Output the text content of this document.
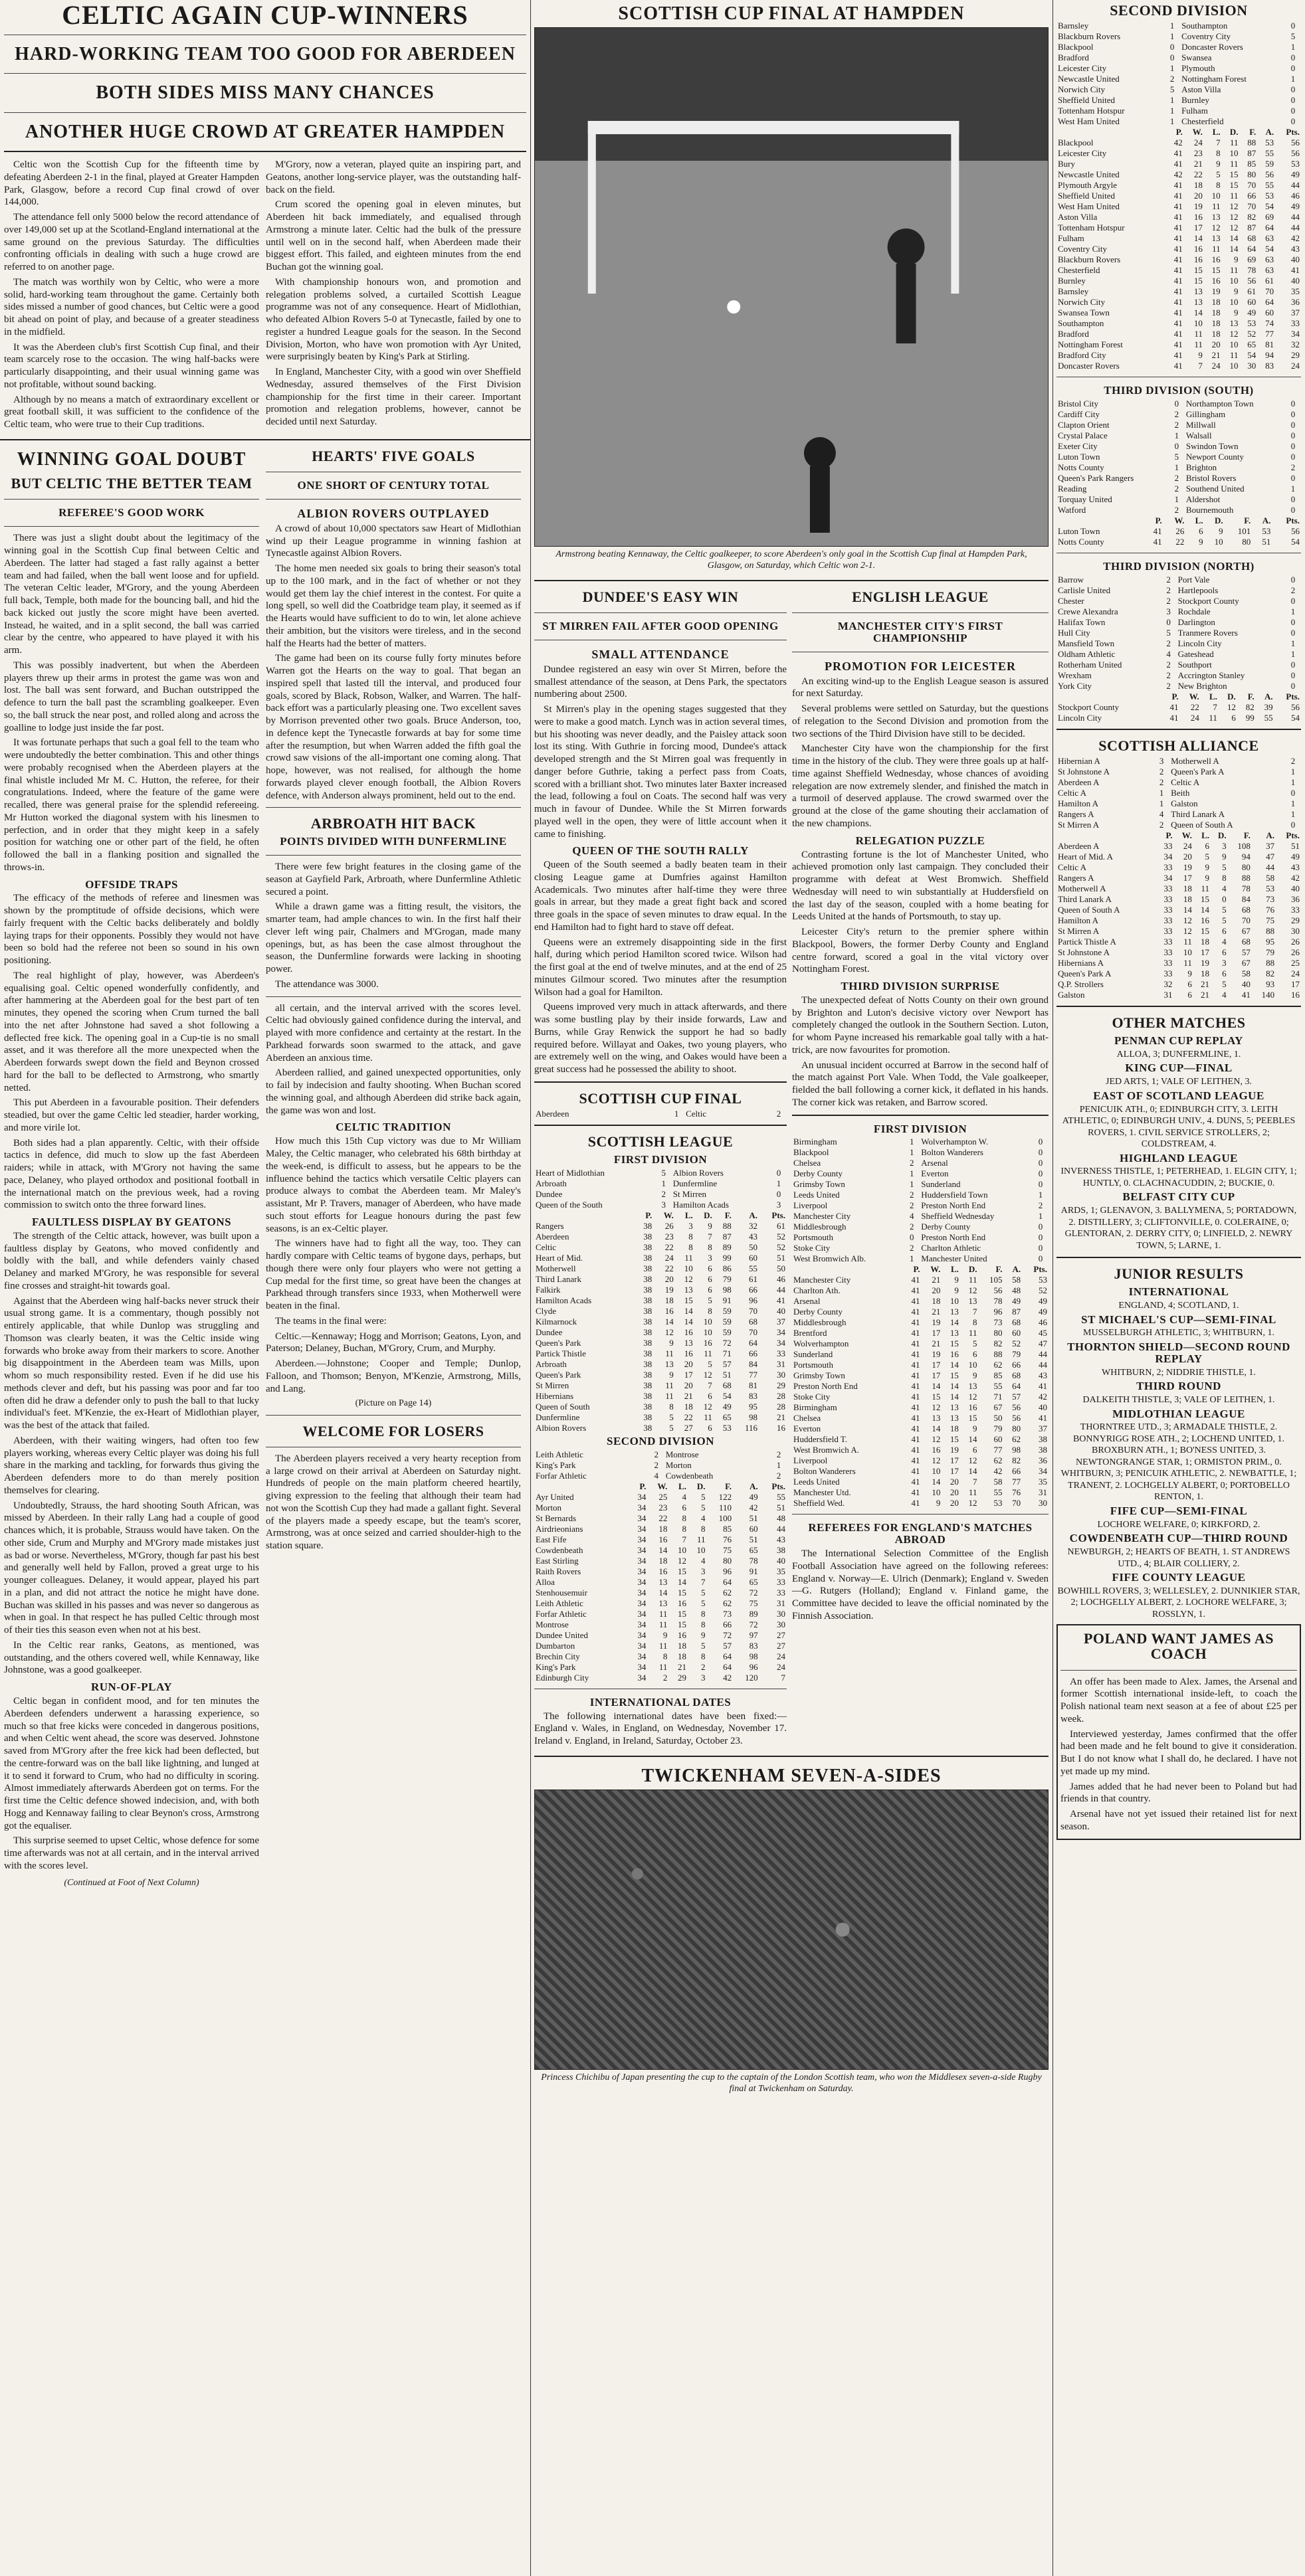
CELTIC AGAIN CUP-WINNERS
HARD-WORKING TEAM TOO GOOD FOR ABERDEEN
BOTH SIDES MISS MANY CHANCES
ANOTHER HUGE CROWD AT GREATER HAMPDEN

Celtic won the Scottish Cup for the fifteenth time by defeating Aberdeen 2-1 in the final, played at Greater Hampden Park, Glasgow, before a record Cup final crowd of over 144,000.

The attendance fell only 5000 below the record attendance of over 149,000 set up at the Scotland-England international at the same ground on the previous Saturday. The difficulties confronting officials in dealing with such a huge crowd are referred to on another page.

The match was worthily won by Celtic, who were a more solid, hard-working team throughout the game. Certainly both sides missed a number of good chances, but Celtic were a good bit ahead on point of play, and because of a greater steadiness in the midfield.

It was the Aberdeen club's first Scottish Cup final, and their team scarcely rose to the occasion. The wing half-backs were particularly disappointing, and their usual winning game was not profitable, without sound backing.

Although by no means a match of extraordinary excellent or great football skill, it was sufficient to the confidence of the Celtic team, who were true to their Cup traditions.

M'Grory, now a veteran, played quite an inspiring part, and Geatons, another long-service player, was the outstanding half-back on the field.

Crum scored the opening goal in eleven minutes, but Aberdeen hit back immediately, and equalised through Armstrong a minute later. Celtic had the bulk of the pressure until well on in the second half, when Aberdeen made their biggest effort. This failed, and eighteen minutes from the end Buchan got the winning goal.

With championship honours won, and promotion and relegation problems solved, a curtailed Scottish League programme was not of any consequence. Heart of Midlothian, who defeated Albion Rovers 5-0 at Tynecastle, failed by one to register a hundred League goals for the season. In the Second Division, Morton, who have won promotion with Ayr United, were surprisingly beaten by King's Park at Stirling.

In England, Manchester City, with a good win over Sheffield Wednesday, assured themselves of the First Division championship for the first time in their career. Important promotion and relegation problems, however, cannot be decided until next Saturday.

WINNING GOAL DOUBT
BUT CELTIC THE BETTER TEAM
REFEREE'S GOOD WORK

There was just a slight doubt about the legitimacy of the winning goal in the Scottish Cup final between Celtic and Aberdeen. The latter had staged a fast rally against a better team and had failed, when the ball went loose and for upfield. The veteran Celtic leader, M'Grory, and the young Aberdeen full back, Temple, both made for the bouncing ball, and hid the back kicked out justly the score might have been averted. Instead, he waited, and in a split second, the ball was carried clear by the centre, who appeared to have played it with his arm.

This was possibly inadvertent, but when the Aberdeen players threw up their arms in protest the game was won and lost. The ball was sent forward, and Buchan outstripped the defence to turn the ball past the scrambling goalkeeper. Even so, the ball struck the near post, and rolled along and across the goalline to lodge just inside the far post.

It was fortunate perhaps that such a goal fell to the team who were undoubtedly the better combination. This and other things were probably recognised when the Aberdeen players at the final whistle included Mr M. C. Hutton, the referee, for their congratulations. Indeed, where the feature of the game were recalled, there was general praise for the splendid refereeing. Mr Hutton worked the diagonal system with his linesmen to perfection, and in order that they might keep in a safely position for watching one or other part of the field, he often followed the ball in a flanking position and signalled the throws-in.

OFFSIDE TRAPS

The efficacy of the methods of referee and linesmen was shown by the promptitude of offside decisions, which were fairly frequent with the Celtic backs deliberately and boldly laying traps for their opponents. Possibly they would not have been so bold had the referee not been so sound in his own positioning.

The real highlight of play, however, was Aberdeen's equalising goal. Celtic opened wonderfully confidently, and after hammering at the Aberdeen goal for the best part of ten minutes, they opened the scoring when Crum turned the ball into the net after Johnstone had saved a shot following a deflected free kick. The opening goal in a Cup-tie is no small asset, and it was therefore all the more unexpected when the Aberdeen forwards swept down the field and Beynon crossed hard for the ball to be deflected to Armstrong, who smartly netted.

This put Aberdeen in a favourable position. Their defenders steadied, but over the game Celtic led steadier, harder working, and more virile lot.

Both sides had a plan apparently. Celtic, with their offside tactics in defence, did much to slow up the fast Aberdeen raiders; while in attack, with M'Grory not having the same pace, Delaney, who played orthodox and positional football in the international match on the previous week, had a roving commission to switch onto the three forward lines.

FAULTLESS DISPLAY BY GEATONS

The strength of the Celtic attack, however, was built upon a faultless display by Geatons, who moved confidently and boldly with the ball, and while defenders vainly chased Delaney and marked M'Grory, he was responsible for several fine crosses and straight-hit towards goal.

Against that the Aberdeen wing half-backs never struck their usual strong game. It is a commentary, though possibly not entirely applicable, that while Dunlop was struggling and Thomson was clearly beaten, it was the Celtic inside wing forwards who broke away from their markers to score. Another big disappointment in the Aberdeen team was Mills, upon whom so much responsibility rested. Even if he did use his methods clever and deft, but his passing was poor and far too often did he draw a defender only to push the ball to that lucky individual's feet. M'Kenzie, the ex-Heart of Midlothian player, was the best of the attack that failed.

Aberdeen, with their waiting wingers, had often too few players working, whereas every Celtic player was doing his full share in the marking and tackling, for forwards thus giving the Aberdeen defenders more to do than merely position themselves for clearing.

Undoubtedly, Strauss, the hard shooting South African, was missed by Aberdeen. In their rally Lang had a couple of good chances which, it is probable, Strauss would have taken. On the other side, Crum and Murphy and M'Grory made mistakes just as bad or worse. Nevertheless, M'Grory, though far past his best and generally well held by Fallon, proved a great urge to his younger colleagues. Delaney, it would appear, played his part in a plan, and did not attract the notice he might have done. Buchan was skilled in his passes and was never so dangerous as when in goal. In that respect he has pulled Celtic through most of their ties this season even when not at his best.

In the Celtic rear ranks, Geatons, as mentioned, was outstanding, and the others covered well, while Kennaway, like Johnstone, was a good goalkeeper.

RUN-OF-PLAY

Celtic began in confident mood, and for ten minutes the Aberdeen defenders underwent a harassing experience, so much so that free kicks were conceded in dangerous positions, and when Celtic went ahead, the score was deserved. Johnstone saved from M'Grory after the free kick had been deflected, but the centre-forward was on the ball like lightning, and lunged at it to send it forward to Crum, who had no difficulty in scoring. Almost immediately afterwards Aberdeen got on terms. For the first time the Celtic defence showed indecision, and, with both Hogg and Kennaway failing to clear Beynon's cross, Armstrong got the equaliser.

This surprise seemed to upset Celtic, whose defence for some time afterwards was not at all certain, and in the interval arrived with the scores level.

(Continued at Foot of Next Column)
HEARTS' FIVE GOALS
ONE SHORT OF CENTURY TOTAL
ALBION ROVERS OUTPLAYED

A crowd of about 10,000 spectators saw Heart of Midlothian wind up their League programme in winning fashion at Tynecastle against Albion Rovers.

The home men needed six goals to bring their season's total up to the 100 mark, and in the fact of whether or not they would get them lay the chief interest in the contest. For quite a long spell, so well did the Coatbridge team play, it seemed as if the Hearts would have sufficient to do to win, let alone achieve their ambition, but the visitors were tireless, and in the second half the Hearts had the better of matters.

The game had been on its course fully forty minutes before Warren got the Hearts on the way to goal. That began an inspired spell that lasted till the interval, and produced four goals, scored by Black, Robson, Walker, and Warren. The half-back effort was a particularly pleasing one. Two excellent saves by Morrison prevented other two goals. Bruce Anderson, too, in defence kept the Tynecastle forwards at bay for some time after the resumption, but when Warren added the fifth goal the crowd saw visions of the all-important one coming along. That hope, however, was not realised, for although the home forwards played clever enough football, the Albion Rovers defence, with Anderson always prominent, held out to the end.

ARBROATH HIT BACK
POINTS DIVIDED WITH DUNFERMLINE

There were few bright features in the closing game of the season at Gayfield Park, Arbroath, where Dunfermline Athletic secured a point.

While a drawn game was a fitting result, the visitors, the smarter team, had ample chances to win. In the first half their clever left wing pair, Chalmers and M'Grogan, made many openings, but, as has been the case almost throughout the season, the Dunfermline forwards were lacking in shooting power.

The attendance was 3000.

all certain, and the interval arrived with the scores level. Celtic had obviously gained confidence during the interval, and played with more confidence and certainty at the restart. In the Parkhead forwards soon swarmed to the attack, and gave Aberdeen an anxious time.

Aberdeen rallied, and gained unexpected opportunities, only to fail by indecision and faulty shooting. When Buchan scored the winning goal, and although Aberdeen did strike back again, the game was won and lost.

CELTIC TRADITION

How much this 15th Cup victory was due to Mr William Maley, the Celtic manager, who celebrated his 68th birthday at the week-end, is difficult to assess, but he appears to be the influence behind the tactics which versatile Celtic players can produce always to combat the Aberdeen team. Mr Maley's assistant, Mr P. Travers, manager of Aberdeen, who have made such stout efforts for League honours during the past few seasons, is an ex-Celtic player.

The winners have had to fight all the way, too. They can hardly compare with Celtic teams of bygone days, perhaps, but though there were only four players who were not getting a Cup medal for the first time, so great have been the changes at Parkhead through transfers since 1933, when Motherwell were beaten in the final.

The teams in the final were:

Celtic.—Kennaway; Hogg and Morrison; Geatons, Lyon, and Paterson; Delaney, Buchan, M'Grory, Crum, and Murphy.

Aberdeen.—Johnstone; Cooper and Temple; Dunlop, Falloon, and Thomson; Benyon, M'Kenzie, Armstrong, Mills, and Lang.

(Picture on Page 14)
WELCOME FOR LOSERS

The Aberdeen players received a very hearty reception from a large crowd on their arrival at Aberdeen on Saturday night. Hundreds of people on the main platform cheered heartily, giving expression to the feeling that although their team had not won the Scottish Cup they had made a gallant fight. Several of the players made a speedy escape, but the team's scorer, Armstrong, was at once seized and carried shoulder-high to the station square.

SCOTTISH CUP FINAL AT HAMPDEN
Armstrong beating Kennaway, the Celtic goalkeeper, to score Aberdeen's only goal in the Scottish Cup final at Hampden Park, Glasgow, on Saturday, which Celtic won 2-1.
DUNDEE'S EASY WIN
ST MIRREN FAIL AFTER GOOD OPENING
SMALL ATTENDANCE

Dundee registered an easy win over St Mirren, before the smallest attendance of the season, at Dens Park, the spectators numbering about 2500.

St Mirren's play in the opening stages suggested that they were to make a good match. Lynch was in action several times, but his shooting was never deadly, and the Paisley attack soon lost its sting. With Guthrie in forcing mood, Dundee's attack developed strength and the St Mirren goal was frequently in danger before Guthrie, taking a perfect pass from Coats, scored with a brilliant shot. Two minutes later Baxter increased the lead, following a foul on Coats. The second half was very much in favour of Dundee. While the St Mirren forwards played well in the open, they were of little account when it came to finishing.

QUEEN OF THE SOUTH RALLY

Queen of the South seemed a badly beaten team in their closing League game at Dumfries against Hamilton Academicals. Two minutes after half-time they were three goals in arrear, but they made a great fight back and scored three goals in the space of seven minutes to draw equal. In the end Hamilton had to fight hard to stave off defeat.

Queens were an extremely disappointing side in the first half, during which period Hamilton scored twice. Wilson had the first goal at the end of twelve minutes, and at the end of 25 minutes Gilmour scored. Two minutes after the resumption Wilson had a goal for Hamilton.

Queens improved very much in attack afterwards, and there was some bustling play by their inside forwards, Law and Burns, while Gray Renwick the support he had so badly required before. Willayat and Oakes, two young players, who are extremely well on the wing, and Oakes would have been a great success had he possessed the ability to shoot.

SCOTTISH CUP FINAL
Aberdeen	1	Celtic	2
SCOTTISH LEAGUE
FIRST DIVISION
Heart of Midlothian	5	Albion Rovers	0
Arbroath	1	Dunfermline	1
Dundee	2	St Mirren	0
Queen of the South	3	Hamilton Acads	3
	P.	W.	L.	D.	F.	A.	Pts.
Rangers	38	26	3	9	88	32	61
Aberdeen	38	23	8	7	87	43	52
Celtic	38	22	8	8	89	50	52
Heart of Mid.	38	24	11	3	99	60	51
Motherwell	38	22	10	6	86	55	50
Third Lanark	38	20	12	6	79	61	46
Falkirk	38	19	13	6	98	66	44
Hamilton Acads	38	18	15	5	91	96	41
Clyde	38	16	14	8	59	70	40
Kilmarnock	38	14	14	10	59	68	37
Dundee	38	12	16	10	59	70	34
Queen's Park	38	9	13	16	72	64	34
Partick Thistle	38	11	16	11	71	66	33
Arbroath	38	13	20	5	57	84	31
Queen's Park	38	9	17	12	51	77	30
St Mirren	38	11	20	7	68	81	29
Hibernians	38	11	21	6	54	83	28
Queen of South	38	8	18	12	49	95	28
Dunfermline	38	5	22	11	65	98	21
Albion Rovers	38	5	27	6	53	116	16
SECOND DIVISION
Leith Athletic	2	Montrose	2
King's Park	2	Morton	1
Forfar Athletic	4	Cowdenbeath	2
	P.	W.	L.	D.	F.	A.	Pts.
Ayr United	34	25	4	5	122	49	55
Morton	34	23	6	5	110	42	51
St Bernards	34	22	8	4	100	51	48
Airdrieonians	34	18	8	8	85	60	44
East Fife	34	16	7	11	76	51	43
Cowdenbeath	34	14	10	10	75	65	38
East Stirling	34	18	12	4	80	78	40
Raith Rovers	34	16	15	3	96	91	35
Alloa	34	13	14	7	64	65	33
Stenhousemuir	34	14	15	5	62	72	33
Leith Athletic	34	13	16	5	62	75	31
Forfar Athletic	34	11	15	8	73	89	30
Montrose	34	11	15	8	66	72	30
Dundee United	34	9	16	9	72	97	27
Dumbarton	34	11	18	5	57	83	27
Brechin City	34	8	18	8	64	98	24
King's Park	34	11	21	2	64	96	24
Edinburgh City	34	2	29	3	42	120	7
INTERNATIONAL DATES

The following international dates have been fixed:— England v. Wales, in England, on Wednesday, November 17. Ireland v. England, in Ireland, Saturday, October 23.

ENGLISH LEAGUE
MANCHESTER CITY'S FIRST CHAMPIONSHIP
PROMOTION FOR LEICESTER

An exciting wind-up to the English League season is assured for next Saturday.

Several problems were settled on Saturday, but the questions of relegation to the Second Division and promotion from the two sections of the Third Division have still to be decided.

Manchester City have won the championship for the first time in the history of the club. They were three goals up at half-time against Sheffield Wednesday, whose chances of avoiding relegation are now extremely slender, and finished the match in a turmoil of deserved applause. The crowd swarmed over the ground at the close of the game shouting their acclamation of the new champions.

RELEGATION PUZZLE

Contrasting fortune is the lot of Manchester United, who achieved promotion only last campaign. They concluded their programme with defeat at West Bromwich. Sheffield Wednesday will need to win substantially at Huddersfield on the last day of the season, coupled with a home beating for Leeds United at the hands of Portsmouth, to stay up.

Leicester City's return to the premier sphere within Blackpool, Bowers, the former Derby County and England centre forward, scored a goal in the vital victory over Nottingham Forest.

THIRD DIVISION SURPRISE

The unexpected defeat of Notts County on their own ground by Brighton and Luton's decisive victory over Newport has completely changed the outlook in the Southern Section. Luton, for whom Payne increased his remarkable goal tally with a hat-trick, are now favourites for promotion.

An unusual incident occurred at Barrow in the second half of the match against Port Vale. When Todd, the Vale goalkeeper, fielded the ball following a corner kick, it deflated in his hands. The corner kick was retaken, and Barrow scored.

FIRST DIVISION
Birmingham	1	Wolverhampton W.	0
Blackpool	1	Bolton Wanderers	0
Chelsea	2	Arsenal	0
Derby County	1	Everton	0
Grimsby Town	1	Sunderland	0
Leeds United	2	Huddersfield Town	1
Liverpool	2	Preston North End	2
Manchester City	4	Sheffield Wednesday	1
Middlesbrough	2	Derby County	0
Portsmouth	0	Preston North End	0
Stoke City	2	Charlton Athletic	0
West Bromwich Alb.	1	Manchester United	0
	P.	W.	L.	D.	F.	A.	Pts.
Manchester City	41	21	9	11	105	58	53
Charlton Ath.	41	20	9	12	56	48	52
Arsenal	41	18	10	13	78	49	49
Derby County	41	21	13	7	96	87	49
Middlesbrough	41	19	14	8	73	68	46
Brentford	41	17	13	11	80	60	45
Wolverhampton	41	21	15	5	82	52	47
Sunderland	41	19	16	6	88	79	44
Portsmouth	41	17	14	10	62	66	44
Grimsby Town	41	17	15	9	85	68	43
Preston North End	41	14	14	13	55	64	41
Stoke City	41	15	14	12	71	57	42
Birmingham	41	12	13	16	67	56	40
Chelsea	41	13	13	15	50	56	41
Everton	41	14	18	9	79	80	37
Huddersfield T.	41	12	15	14	60	62	38
West Bromwich A.	41	16	19	6	77	98	38
Liverpool	41	12	17	12	62	82	36
Bolton Wanderers	41	10	17	14	42	66	34
Leeds United	41	14	20	7	58	77	35
Manchester Utd.	41	10	20	11	55	76	31
Sheffield Wed.	41	9	20	12	53	70	30
REFEREES FOR ENGLAND'S MATCHES ABROAD

The International Selection Committee of the English Football Association have agreed on the following referees: England v. Norway—E. Ulrich (Denmark); England v. Sweden —G. Rutgers (Holland); England v. Finland game, the Committee have decided to leave the official nominated by the Finnish Association.

TWICKENHAM SEVEN-A-SIDES
Princess Chichibu of Japan presenting the cup to the captain of the London Scottish team, who won the Middlesex seven-a-side Rugby final at Twickenham on Saturday.
SECOND DIVISION
Barnsley	1	Southampton	0
Blackburn Rovers	1	Coventry City	5
Blackpool	0	Doncaster Rovers	1
Bradford	0	Swansea	0
Leicester City	1	Plymouth	0
Newcastle United	2	Nottingham Forest	1
Norwich City	5	Aston Villa	0
Sheffield United	1	Burnley	0
Tottenham Hotspur	1	Fulham	0
West Ham United	1	Chesterfield	0
	P.	W.	L.	D.	F.	A.	Pts.
Blackpool	42	24	7	11	88	53	56
Leicester City	41	23	8	10	87	55	56
Bury	41	21	9	11	85	59	53
Newcastle United	42	22	5	15	80	56	49
Plymouth Argyle	41	18	8	15	70	55	44
Sheffield United	41	20	10	11	66	53	46
West Ham United	41	19	11	12	70	54	49
Aston Villa	41	16	13	12	82	69	44
Tottenham Hotspur	41	17	12	12	87	64	44
Fulham	41	14	13	14	68	63	42
Coventry City	41	16	11	14	64	54	43
Blackburn Rovers	41	16	16	9	69	63	40
Chesterfield	41	15	15	11	78	63	41
Burnley	41	15	16	10	56	61	40
Barnsley	41	13	19	9	61	70	35
Norwich City	41	13	18	10	60	64	36
Swansea Town	41	14	18	9	49	60	37
Southampton	41	10	18	13	53	74	33
Bradford	41	11	18	12	52	77	34
Nottingham Forest	41	11	20	10	65	81	32
Bradford City	41	9	21	11	54	94	29
Doncaster Rovers	41	7	24	10	30	83	24
THIRD DIVISION (SOUTH)
Bristol City	0	Northampton Town	0
Cardiff City	2	Gillingham	0
Clapton Orient	2	Millwall	0
Crystal Palace	1	Walsall	0
Exeter City	0	Swindon Town	0
Luton Town	5	Newport County	0
Notts County	1	Brighton	2
Queen's Park Rangers	2	Bristol Rovers	0
Reading	2	Southend United	1
Torquay United	1	Aldershot	0
Watford	2	Bournemouth	0
	P.	W.	L.	D.	F.	A.	Pts.
Luton Town	41	26	6	9	101	53	56
Notts County	41	22	9	10	80	51	54
THIRD DIVISION (NORTH)
Barrow	2	Port Vale	0
Carlisle United	2	Hartlepools	2
Chester	2	Stockport County	0
Crewe Alexandra	3	Rochdale	1
Halifax Town	0	Darlington	0
Hull City	5	Tranmere Rovers	0
Mansfield Town	2	Lincoln City	1
Oldham Athletic	4	Gateshead	1
Rotherham United	2	Southport	0
Wrexham	2	Accrington Stanley	0
York City	2	New Brighton	0
	P.	W.	L.	D.	F.	A.	Pts.
Stockport County	41	22	7	12	82	39	56
Lincoln City	41	24	11	6	99	55	54
SCOTTISH ALLIANCE
Hibernian A	3	Motherwell A	2
St Johnstone A	2	Queen's Park A	1
Aberdeen A	2	Celtic A	1
Celtic A	1	Beith	0
Hamilton A	1	Galston	1
Rangers A	4	Third Lanark A	1
St Mirren A	2	Queen of South A	0
	P.	W.	L.	D.	F.	A.	Pts.
Aberdeen A	33	24	6	3	108	37	51
Heart of Mid. A	34	20	5	9	94	47	49
Celtic A	33	19	9	5	80	44	43
Rangers A	34	17	9	8	88	58	42
Motherwell A	33	18	11	4	78	53	40
Third Lanark A	33	18	15	0	84	73	36
Queen of South A	33	14	14	5	68	76	33
Hamilton A	33	12	16	5	70	75	29
St Mirren A	33	12	15	6	67	88	30
Partick Thistle A	33	11	18	4	68	95	26
St Johnstone A	33	10	17	6	57	79	26
Hibernians A	33	11	19	3	67	88	25
Queen's Park A	33	9	18	6	58	82	24
Q.P. Strollers	32	6	21	5	40	93	17
Galston	31	6	21	4	41	140	16
OTHER MATCHES
PENMAN CUP REPLAY
ALLOA, 3; DUNFERMLINE, 1.
KING CUP—FINAL
JED ARTS, 1; VALE OF LEITHEN, 3.
EAST OF SCOTLAND LEAGUE
PENICUIK ATH., 0; EDINBURGH CITY, 3. LEITH ATHLETIC, 0; EDINBURGH UNIV., 4. DUNS, 5; PEEBLES ROVERS, 1. CIVIL SERVICE STROLLERS, 2; COLDSTREAM, 4.
HIGHLAND LEAGUE
INVERNESS THISTLE, 1; PETERHEAD, 1. ELGIN CITY, 1; HUNTLY, 0. CLACHNACUDDIN, 2; BUCKIE, 0.
BELFAST CITY CUP
ARDS, 1; GLENAVON, 3. BALLYMENA, 5; PORTADOWN, 2. DISTILLERY, 3; CLIFTONVILLE, 0. COLERAINE, 0; GLENTORAN, 2. DERRY CITY, 0; LINFIELD, 2. NEWRY TOWN, 5; LARNE, 1.
JUNIOR RESULTS
INTERNATIONAL
ENGLAND, 4; SCOTLAND, 1.
ST MICHAEL'S CUP—SEMI-FINAL
MUSSELBURGH ATHLETIC, 3; WHITBURN, 1.
THORNTON SHIELD—SECOND ROUND REPLAY
WHITBURN, 2; NIDDRIE THISTLE, 1.
THIRD ROUND
DALKEITH THISTLE, 3; VALE OF LEITHEN, 1.
MIDLOTHIAN LEAGUE
THORNTREE UTD., 3; ARMADALE THISTLE, 2. BONNYRIGG ROSE ATH., 2; LOCHEND UNITED, 1. BROXBURN ATH., 1; BO'NESS UNITED, 3. NEWTONGRANGE STAR, 1; ORMISTON PRIM., 0. WHITBURN, 3; PENICUIK ATHLETIC, 2. NEWBATTLE, 1; TRANENT, 2. LOCHGELLY ALBERT, 0; PORTOBELLO RENTON, 1.
FIFE CUP—SEMI-FINAL
LOCHORE WELFARE, 0; KIRKFORD, 2.
COWDENBEATH CUP—THIRD ROUND
NEWBURGH, 2; HEARTS OF BEATH, 1. ST ANDREWS UTD., 4; BLAIR COLLIERY, 2.
FIFE COUNTY LEAGUE
BOWHILL ROVERS, 3; WELLESLEY, 2. DUNNIKIER STAR, 2; LOCHGELLY ALBERT, 2. LOCHORE WELFARE, 3; ROSSLYN, 1.
POLAND WANT JAMES AS COACH

An offer has been made to Alex. James, the Arsenal and former Scottish international inside-left, to coach the Polish national team next season at a fee of about £25 per week.

Interviewed yesterday, James confirmed that the offer had been made and he felt bound to give it consideration. But I do not know what I shall do, he declared. I have not yet made up my mind.

James added that he had never been to Poland but had friends in that country.

Arsenal have not yet issued their retained list for next season.
